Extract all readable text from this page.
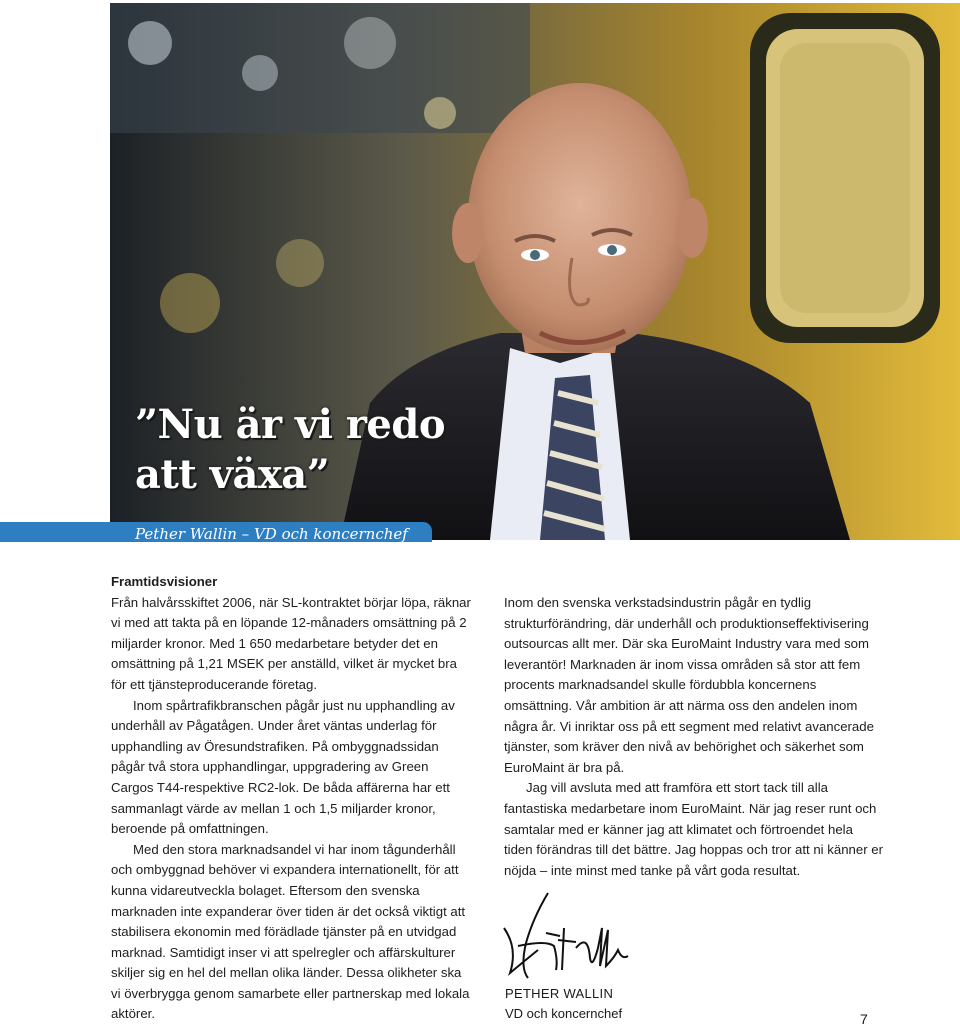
”Nu är vi redo
att växa”
Pether Wallin – VD och koncernchef

Framtidsvisioner

Från halvårsskiftet 2006, när SL-kontraktet börjar löpa, räknar vi med att takta på en löpande 12-månaders omsättning på 2 miljarder kronor. Med 1 650 medarbetare betyder det en omsättning på 1,21 MSEK per anställd, vilket är mycket bra för ett tjänsteproducerande företag.

Inom spårtrafikbranschen pågår just nu upphandling av underhåll av Pågatågen. Under året väntas underlag för upphandling av Öresundstrafiken. På ombyggnadssidan pågår två stora upphandlingar, uppgradering av Green Cargos T44-respektive RC2-lok. De båda affärerna har ett sammanlagt värde av mellan 1 och 1,5 miljarder kronor, beroende på omfattningen.

Med den stora marknadsandel vi har inom tågunderhåll och ombyggnad behöver vi expandera internationellt, för att kunna vidareutveckla bolaget. Eftersom den svenska marknaden inte expanderar över tiden är det också viktigt att stabilisera ekonomin med förädlade tjänster på en utvidgad marknad. Samtidigt inser vi att spelregler och affärskulturer skiljer sig en hel del mellan olika länder. Dessa olikheter ska vi överbrygga genom samarbete eller partnerskap med lokala aktörer.

Inom den svenska verkstadsindustrin pågår en tydlig strukturförändring, där underhåll och produktionseffektivisering outsourcas allt mer. Där ska EuroMaint Industry vara med som leverantör! Marknaden är inom vissa områden så stor att fem procents marknadsandel skulle fördubbla koncernens omsättning. Vår ambition är att närma oss den andelen inom några år. Vi inriktar oss på ett segment med relativt avancerade tjänster, som kräver den nivå av behörighet och säkerhet som EuroMaint är bra på.

Jag vill avsluta med att framföra ett stort tack till alla fantastiska medarbetare inom EuroMaint. När jag reser runt och samtalar med er känner jag att klimatet och förtroendet hela tiden förändras till det bättre. Jag hoppas och tror att ni känner er nöjda – inte minst med tanke på vårt goda resultat.

PETHER WALLIN
VD och koncernchef	7
